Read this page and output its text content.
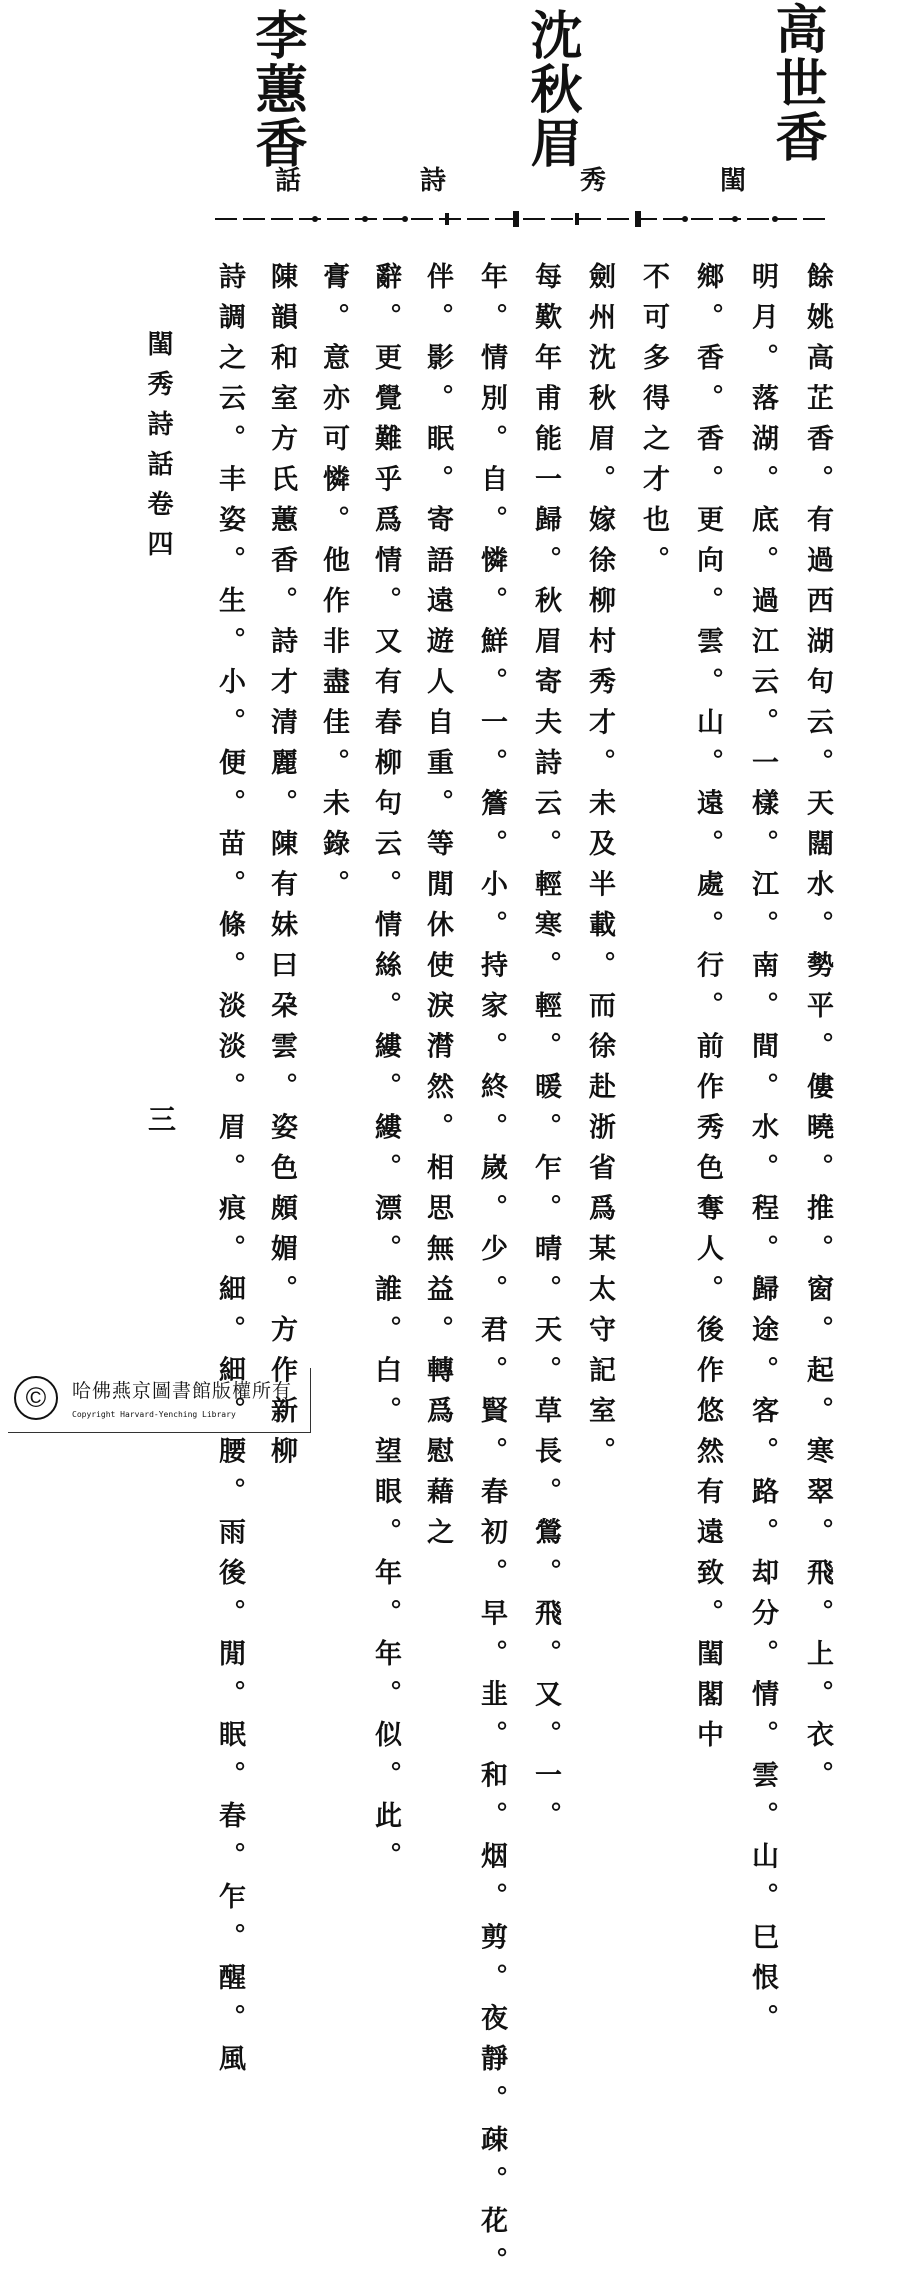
高世香
沈秋眉
李蕙香
閨
秀
詩
話
閨秀詩話卷四
三	餘姚高芷香。有過西湖句云。天闊水。勢平。僂曉。推。窗。起。寒翠。飛。上。衣。
明月。落湖。底。過江云。一樣。江。南。間。水。程。歸途。客。路。却分。情。雲。山。巳恨。
鄉。香。香。更向。雲。山。遠。處。行。前作秀色奪人。後作悠然有遠致。閨閣中
不可多得之才也。
劍州沈秋眉。嫁徐柳村秀才。未及半載。而徐赴浙省爲某太守記室。
每歎年甫能一歸。秋眉寄夫詩云。輕寒。輕。暖。乍。晴。天。草長。鶯。飛。又。一。
年。情別。自。憐。鮮。一。簷。小。持家。終。嵗。少。君。賢。春初。早。韭。和。烟。剪。夜靜。疎。花。
伴。影。眠。寄語遠遊人自重。等閒休使淚潸然。相思無益。轉爲慰藉之
辭。更覺難乎爲情。又有春柳句云。情絲。縷。縷。漂。誰。白。望眼。年。年。似。此。
膏。意亦可憐。他作非盡佳。未錄。
陳韻和室方氏蕙香。詩才清麗。陳有妹曰朶雲。姿色頗媚。方作新柳
詩調之云。丰姿。生。小。便。苗。條。淡淡。眉。痕。細。細。腰。雨後。閒。眠。春。乍。醒。風
©	哈佛燕京圖書館版權所有
Copyright Harvard-Yenching Library
